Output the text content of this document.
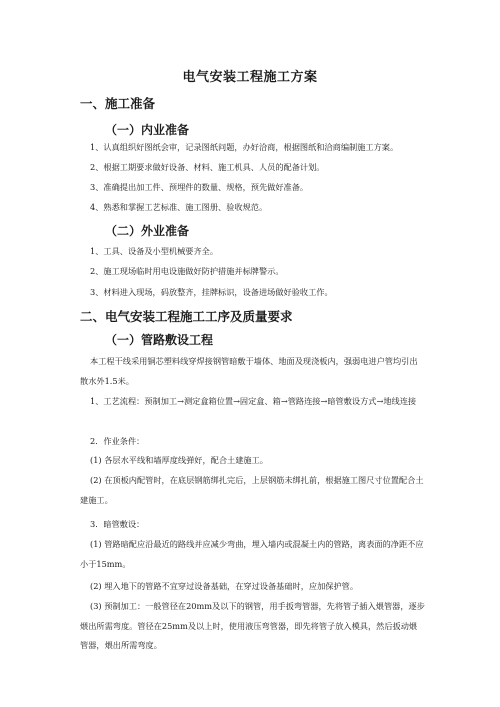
电气安装工程施工方案
一、施工准备
（一）内业准备
1、认真组织好图纸会审，记录图纸问题，办好洽商，根据图纸和洽商编制施工方案。
2、根据工期要求做好设备、材料、施工机具、人员的配备计划。
3、准确提出加工件、预埋件的数量、规格，预先做好准备。
4、熟悉和掌握工艺标准、施工图册、验收规范。
（二）外业准备
1、工具、设备及小型机械要齐全。
2、施工现场临时用电设施做好防护措施并标牌警示。
3、材料进入现场，码放整齐，挂牌标识，设备进场做好验收工作。
二、电气安装工程施工工序及质量要求
（一）管路敷设工程
本工程干线采用铜芯塑料线穿焊接钢管暗敷于墙体、地面及现浇板内，强弱电进户管均引出散水外1.5米。
1、工艺流程：预制加工→测定盒箱位置→固定盒、箱→管路连接→暗管敷设方式→地线连接
2．作业条件：
(1) 各层水平线和墙厚度线弹好，配合土建施工。
(2) 在顶板内配管时，在底层钢筋绑扎完后，上层钢筋未绑扎前，根据施工图尺寸位置配合土建施工。
3．暗管敷设：
(1) 管路暗配应沿最近的路线并应减少弯曲，埋入墙内或混凝土内的管路，离表面的净距不应小于15mm。
(2) 埋入地下的管路不宜穿过设备基础，在穿过设备基础时，应加保护管。
(3) 预制加工：一般管径在20mm及以下的钢管，用手扳弯管器，先将管子插入煨管器，逐步煨出所需弯度。管径在25mm及以上时，使用液压弯管器，即先将管子放入模具，然后扳动煨管器，煨出所需弯度。
